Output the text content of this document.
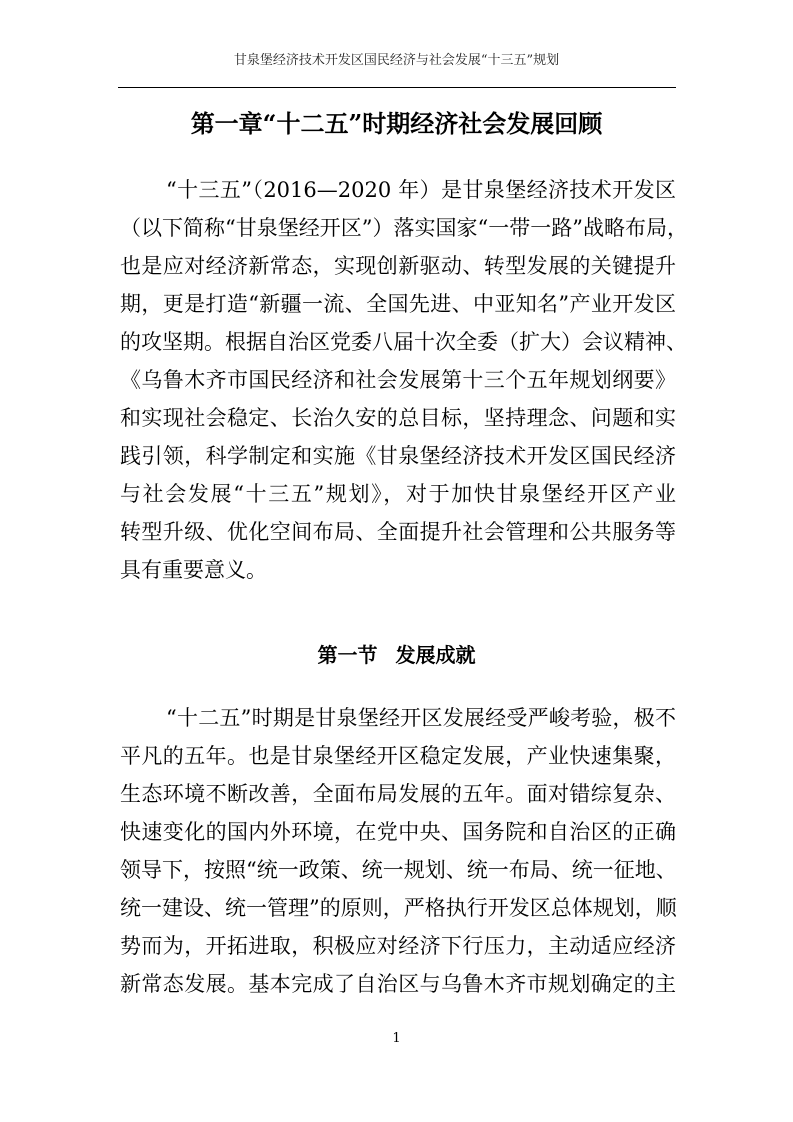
甘泉堡经济技术开发区国民经济与社会发展“十三五”规划
第一章“十二五”时期经济社会发展回顾
“十三五”（2016—2020 年）是甘泉堡经济技术开发区
（以下简称“甘泉堡经开区”）落实国家“一带一路”战略布局，
也是应对经济新常态，实现创新驱动、转型发展的关键提升
期，更是打造“新疆一流、全国先进、中亚知名”产业开发区
的攻坚期。根据自治区党委八届十次全委（扩大）会议精神、
《乌鲁木齐市国民经济和社会发展第十三个五年规划纲要》
和实现社会稳定、长治久安的总目标，坚持理念、问题和实
践引领，科学制定和实施《甘泉堡经济技术开发区国民经济
与社会发展“十三五”规划》，对于加快甘泉堡经开区产业
转型升级、优化空间布局、全面提升社会管理和公共服务等
具有重要意义。
第一节 发展成就
“十二五”时期是甘泉堡经开区发展经受严峻考验，极不
平凡的五年。也是甘泉堡经开区稳定发展，产业快速集聚，
生态环境不断改善，全面布局发展的五年。面对错综复杂、
快速变化的国内外环境，在党中央、国务院和自治区的正确
领导下，按照“统一政策、统一规划、统一布局、统一征地、
统一建设、统一管理”的原则，严格执行开发区总体规划，顺
势而为，开拓进取，积极应对经济下行压力，主动适应经济
新常态发展。基本完成了自治区与乌鲁木齐市规划确定的主
1
